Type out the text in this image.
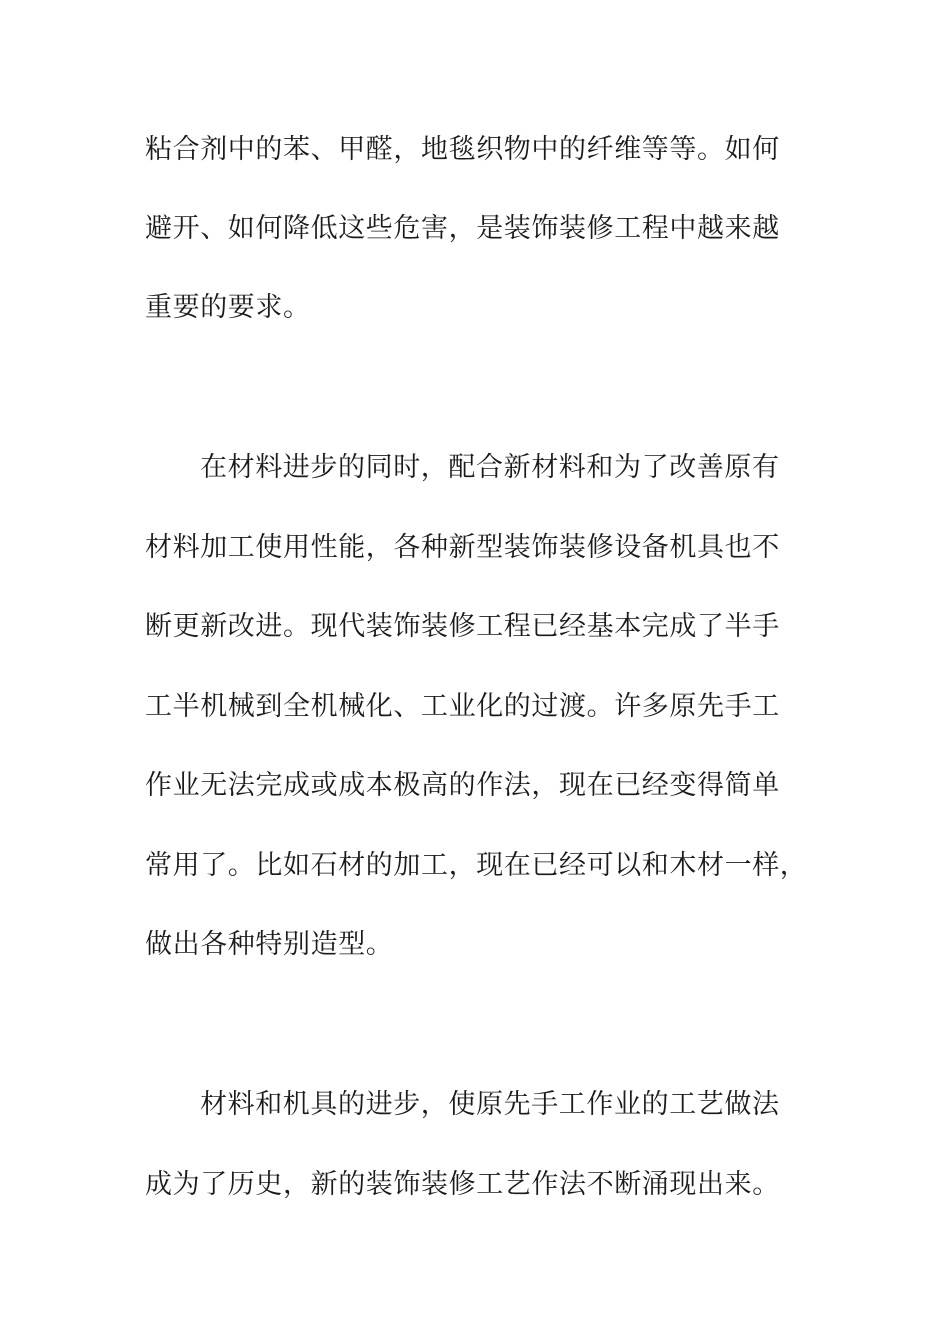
粘合剂中的苯、甲醛，地毯织物中的纤维等等。如何
避开、如何降低这些危害，是装饰装修工程中越来越
重要的要求。
在材料进步的同时，配合新材料和为了改善原有
材料加工使用性能，各种新型装饰装修设备机具也不
断更新改进。现代装饰装修工程已经基本完成了半手
工半机械到全机械化、工业化的过渡。许多原先手工
作业无法完成或成本极高的作法，现在已经变得简单
常用了。比如石材的加工，现在已经可以和木材一样，
做出各种特别造型。
材料和机具的进步，使原先手工作业的工艺做法
成为了历史，新的装饰装修工艺作法不断涌现出来。
